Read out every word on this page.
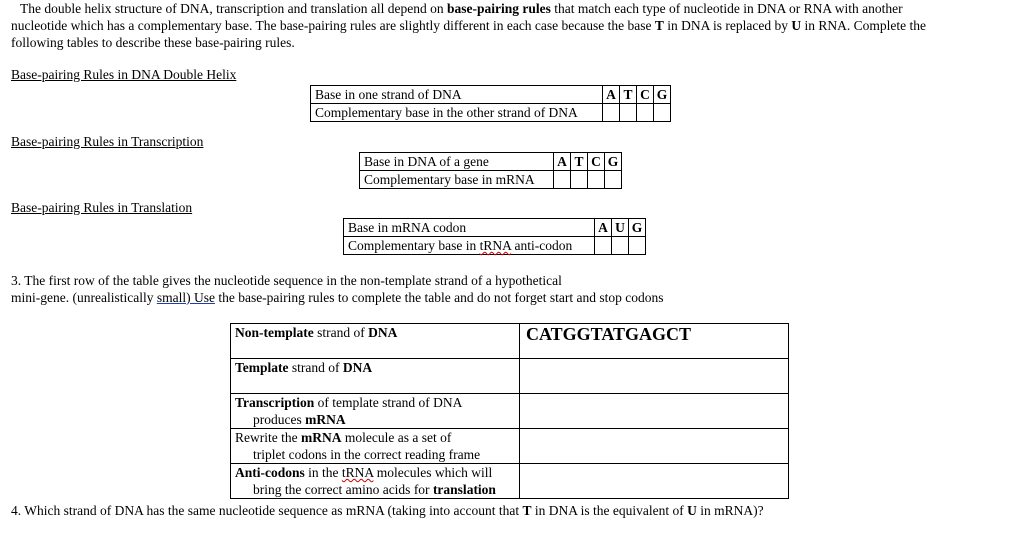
The double helix structure of DNA, transcription and translation all depend on base-pairing rules that match each type of nucleotide in DNA or RNA with another
nucleotide which has a complementary base. The base-pairing rules are slightly different in each case because the base T in DNA is replaced by U in RNA. Complete the
following tables to describe these base-pairing rules.
Base-pairing Rules in DNA Double Helix
Base in one strand of DNA	A	T	C	G
Complementary base in the other strand of DNA				
Base-pairing Rules in Transcription
Base in DNA of a gene	A	T	C	G
Complementary base in mRNA				
Base-pairing Rules in Translation
Base in mRNA codon	A	U	G
Complementary base in tRNA anti-codon			
3. The first row of the table gives the nucleotide sequence in the non-template strand of a hypothetical
mini-gene. (unrealistically small) Use the base-pairing rules to complete the table and do not forget start and stop codons
Non-template strand of DNA	CATGGTATGAGCT
Template strand of DNA	
Transcription of template strand of DNA
produces mRNA	
Rewrite the mRNA molecule as a set of
triplet codons in the correct reading frame	
Anti-codons in the tRNA molecules which will
bring the correct amino acids for translation	
4. Which strand of DNA has the same nucleotide sequence as mRNA (taking into account that T in DNA is the equivalent of U in mRNA)?
